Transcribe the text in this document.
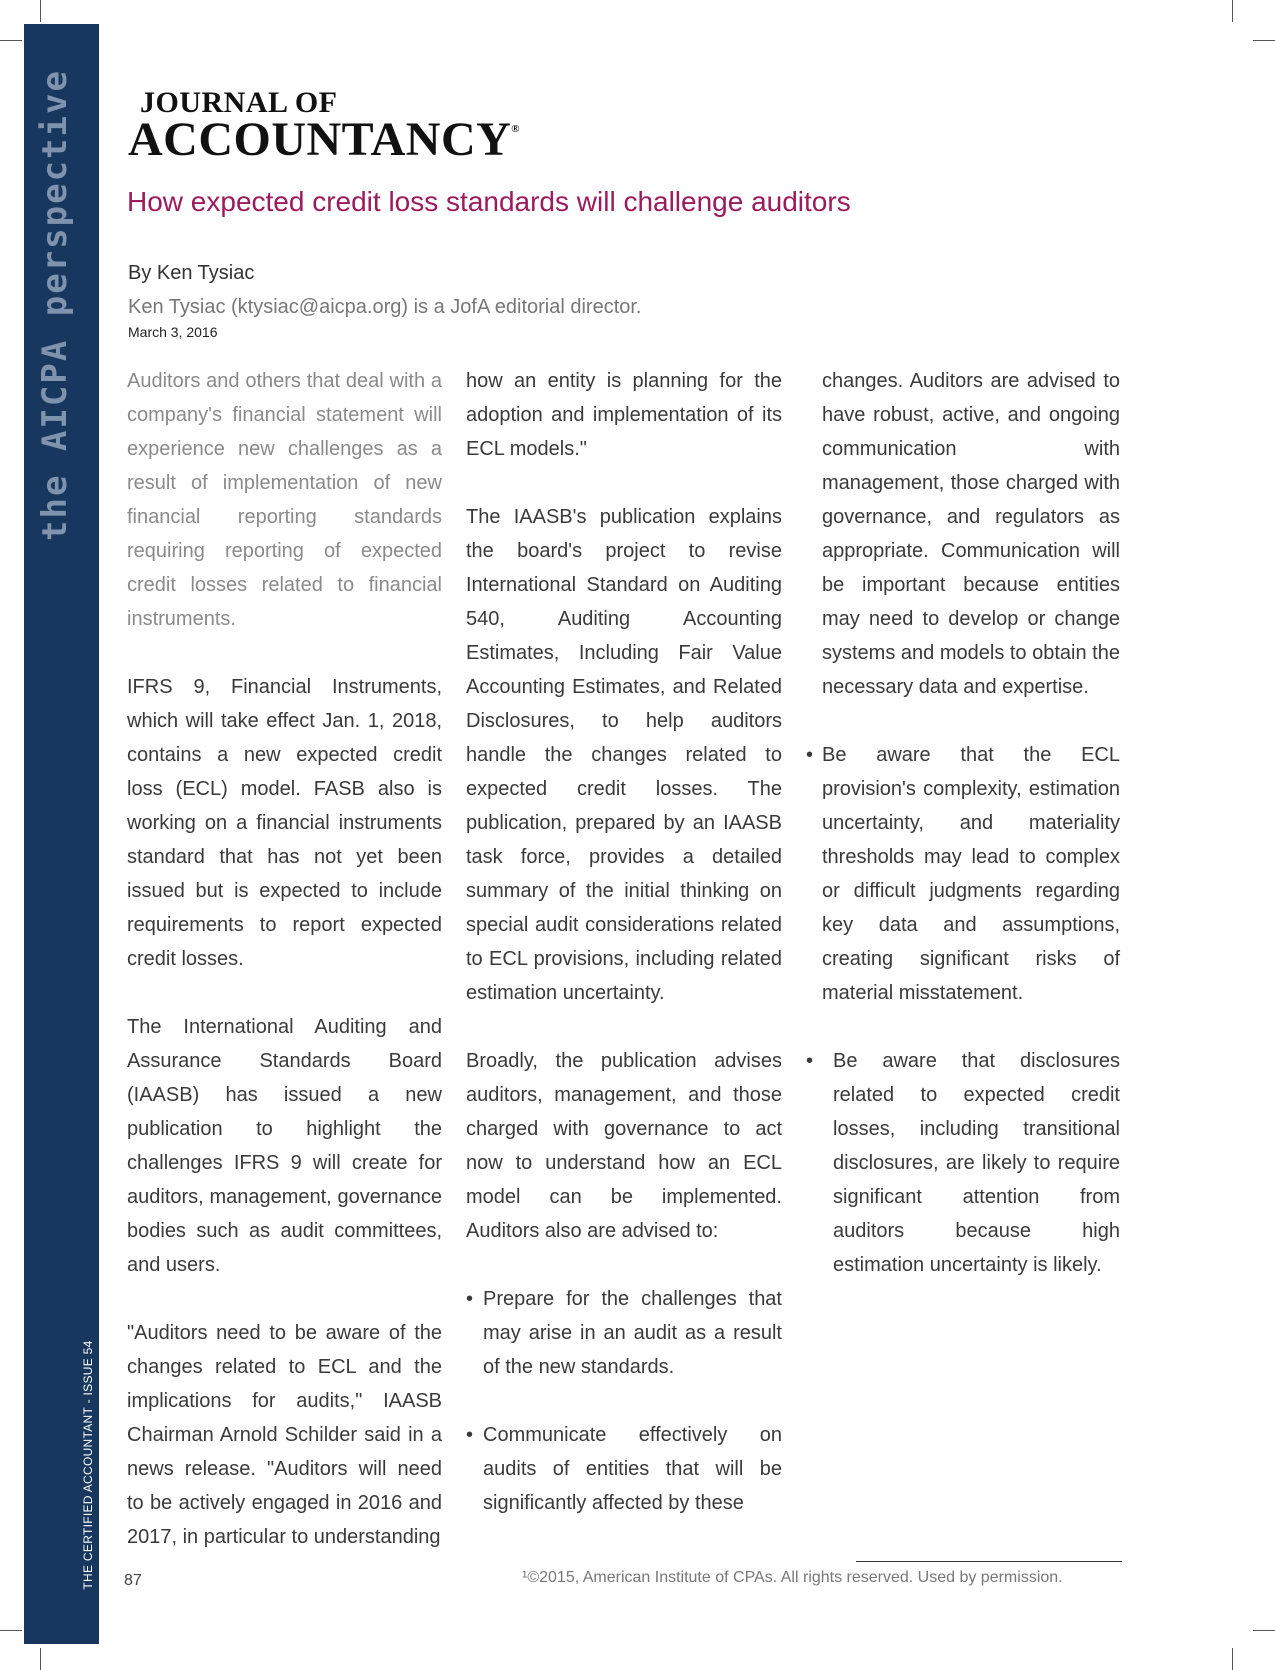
the AICPA perspective
THE CERTIFIED ACCOUNTANT - ISSUE 54
JOURNAL OF
ACCOUNTANCY®
How expected credit loss standards will challenge auditors
By Ken Tysiac
Ken Tysiac (ktysiac@aicpa.org) is a JofA editorial director.
March 3, 2016

Auditors and others that deal with a company's financial statement will experience new challenges as a result of implementation of new financial reporting standards requiring reporting of expected credit losses related to financial instruments.

IFRS 9, Financial Instruments, which will take effect Jan. 1, 2018, contains a new expected credit loss (ECL) model. FASB also is working on a financial instruments standard that has not yet been issued but is expected to include requirements to report expected credit losses.

The International Auditing and Assurance Standards Board (IAASB) has issued a new publication to highlight the challenges IFRS 9 will create for auditors, management, governance bodies such as audit committees, and users.

"Auditors need to be aware of the changes related to ECL and the implications for audits," IAASB Chairman Arnold Schilder said in a news release. "Auditors will need to be actively engaged in 2016 and 2017, in particular to understanding

how an entity is planning for the adoption and implementation of its ECL models."

The IAASB's publication explains the board's project to revise International Standard on Auditing 540, Auditing Accounting Estimates, Including Fair Value Accounting Estimates, and Related Disclosures, to help auditors handle the changes related to expected credit losses. The publication, prepared by an IAASB task force, provides a detailed summary of the initial thinking on special audit considerations related to ECL provisions, including related estimation uncertainty.

Broadly, the publication advises auditors, management, and those charged with governance to act now to understand how an ECL model can be implemented. Auditors also are advised to:

• Prepare for the challenges that may arise in an audit as a result of the new standards.
• Communicate effectively on audits of entities that will be significantly affected by these

changes. Auditors are advised to have robust, active, and ongoing communication with management, those charged with governance, and regulators as appropriate. Communication will be important because entities may need to develop or change systems and models to obtain the necessary data and expertise.

• Be aware that the ECL provision's complexity, estimation uncertainty, and materiality thresholds may lead to complex or difficult judgments regarding key data and assumptions, creating significant risks of material misstatement.
• Be aware that disclosures related to expected credit losses, including transitional disclosures, are likely to require significant attention from auditors because high estimation uncertainty is likely.
¹©2015, American Institute of CPAs. All rights reserved. Used by permission.
87
